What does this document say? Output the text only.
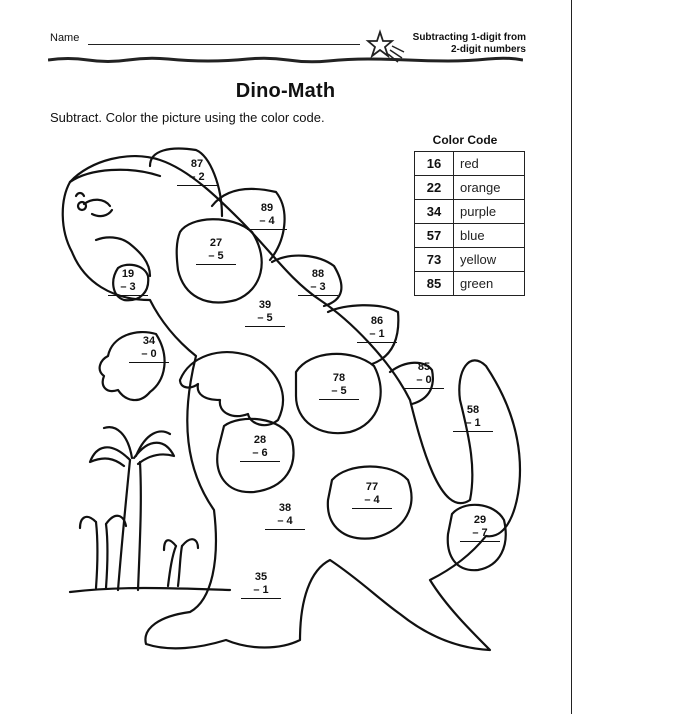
Name	Subtracting 1-digit from
2-digit numbers
Dino-Math
Subtract. Color the picture using the color code.
Color Code
16	red
22	orange
34	purple
57	blue
73	yellow
85	green
87
– 2
89
– 4
27
– 5
19
– 3
88
– 3
39
– 5
34
– 0
86
– 1
85
– 0
78
– 5
58
– 1
28
– 6
77
– 4
38
– 4	29
– 7
35
– 1
